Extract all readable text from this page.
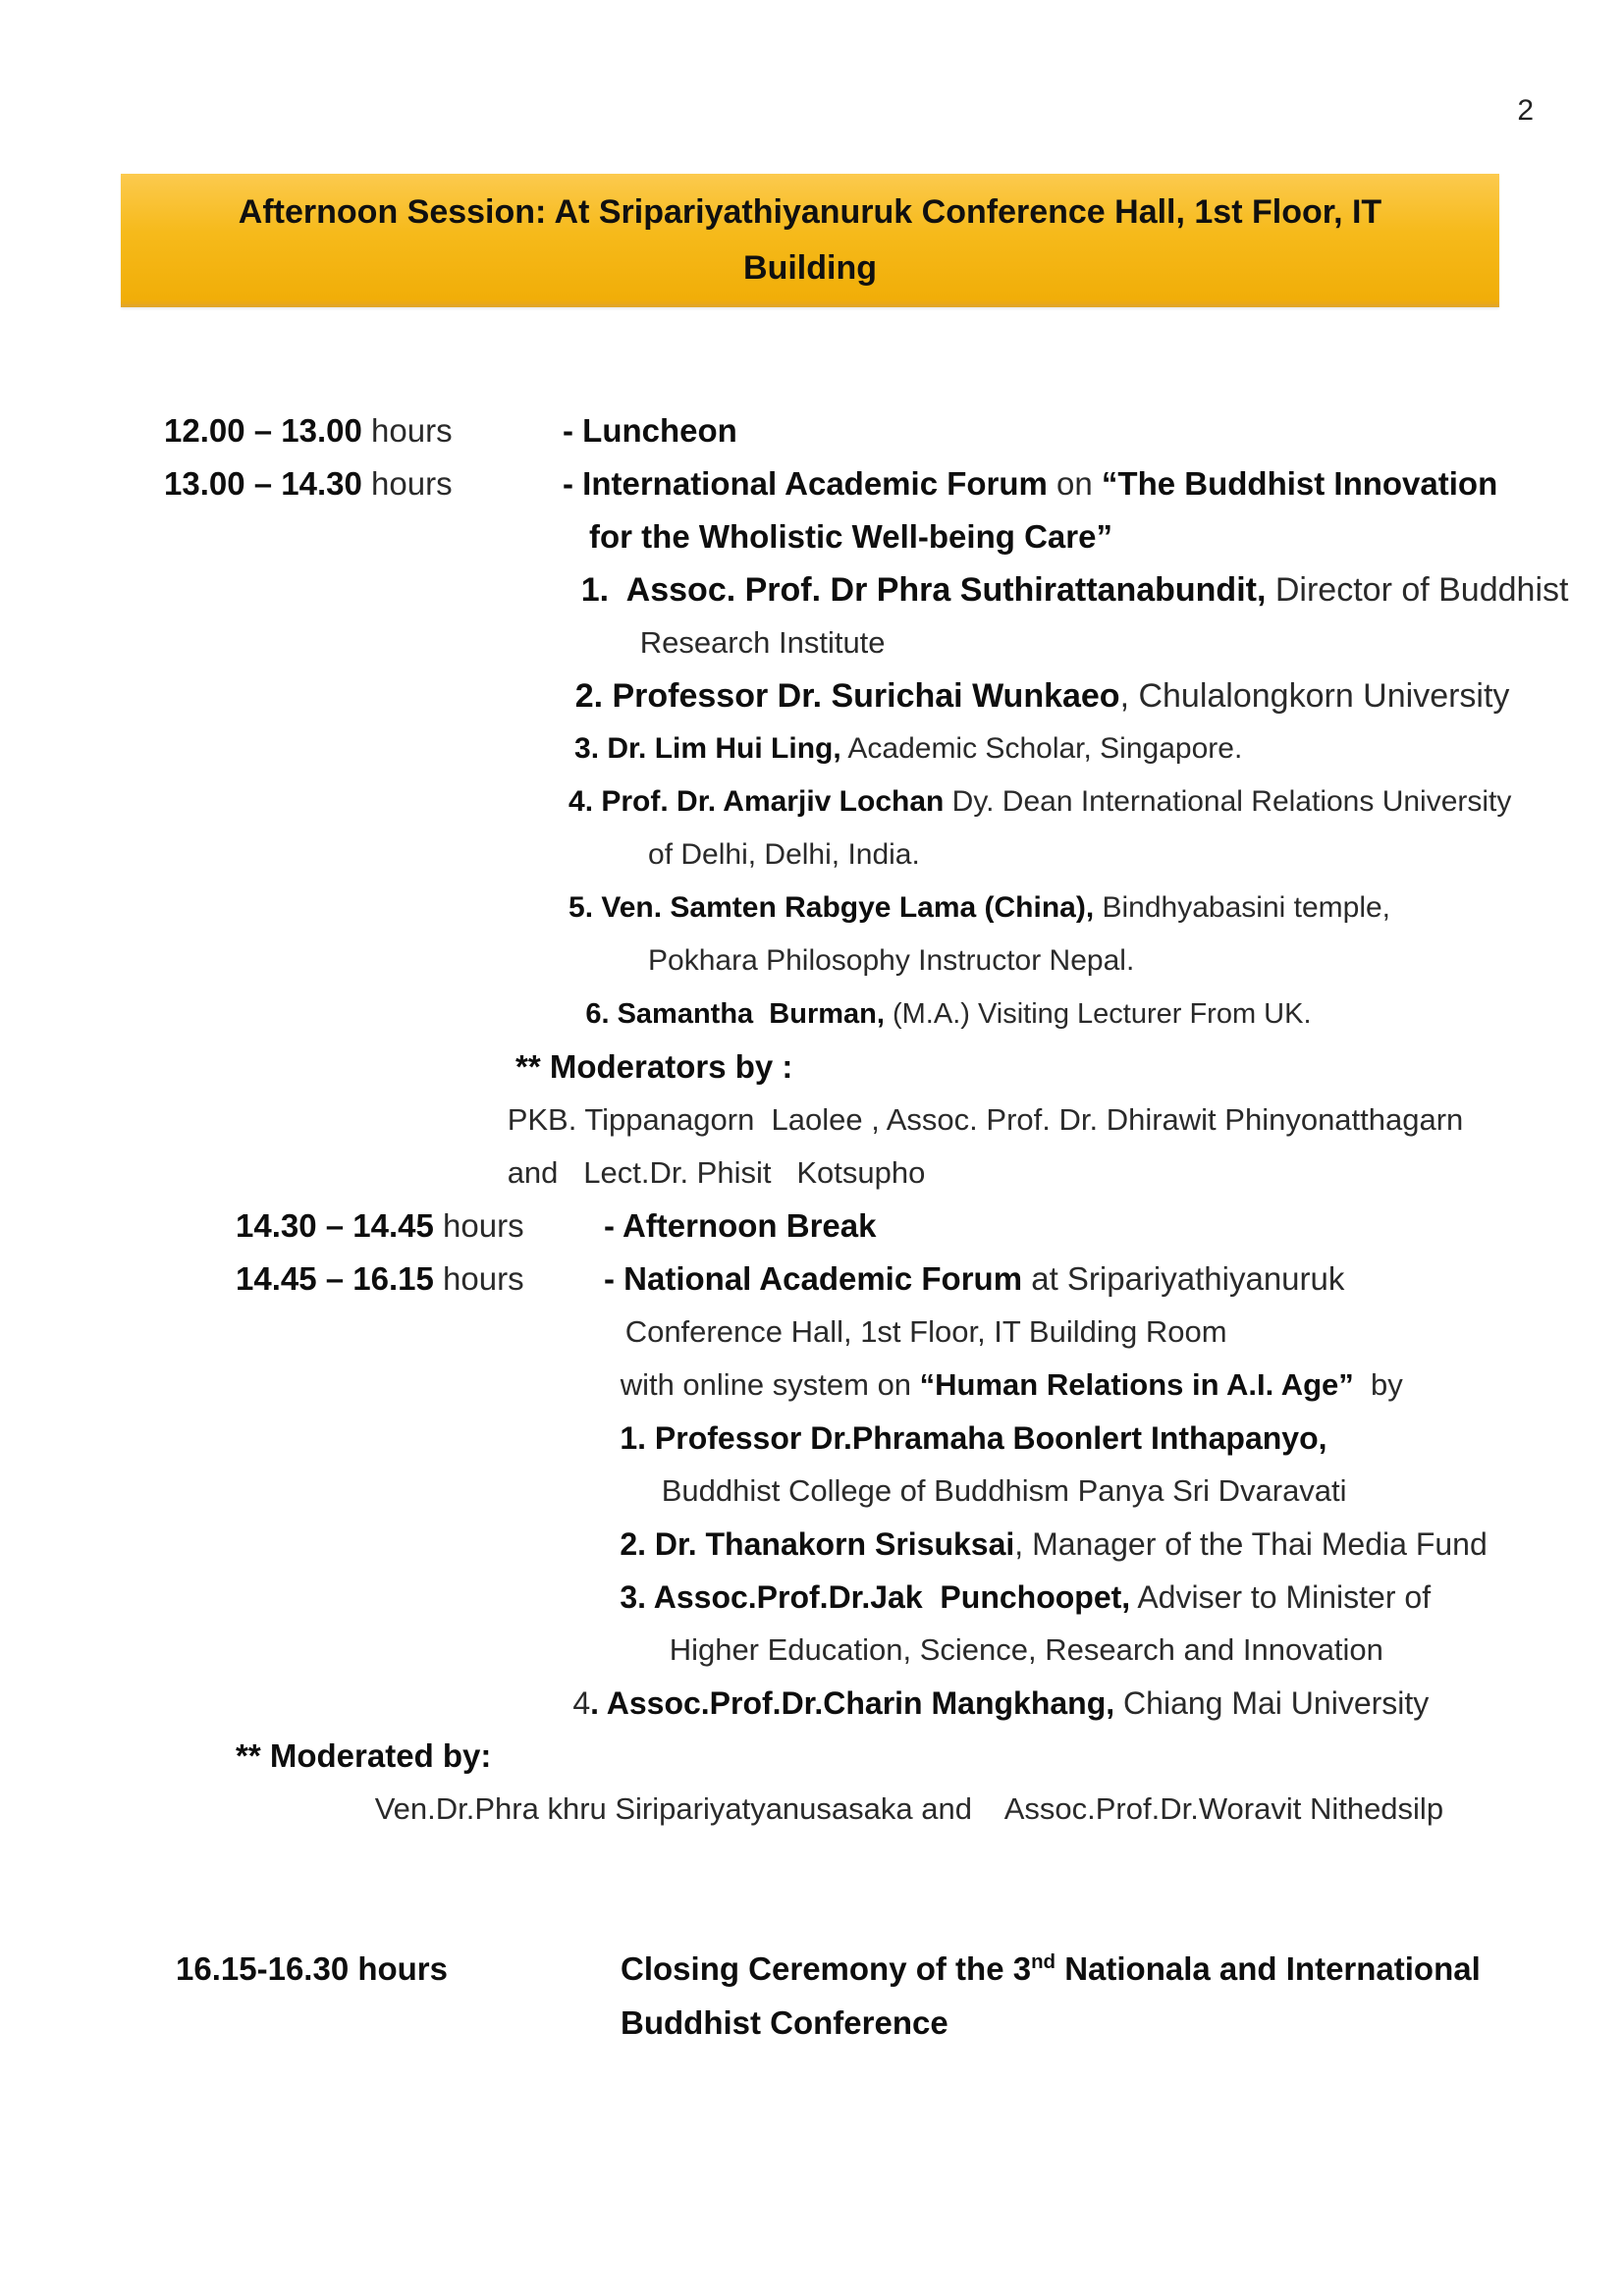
2
Afternoon Session: At Sripariyathiyanuruk Conference Hall, 1st Floor, IT
Building

12.00 – 13.00 hours	- Luncheon

13.00 – 14.30 hours	- International Academic Forum on “The Buddhist Innovation

for the Wholistic Well-being Care”

1.  Assoc. Prof. Dr Phra Suthirattanabundit, Director of Buddhist

Research Institute

2. Professor Dr. Surichai Wunkaeo, Chulalongkorn University

3. Dr. Lim Hui Ling, Academic Scholar, Singapore.

4. Prof. Dr. Amarjiv Lochan Dy. Dean International Relations University

of Delhi, Delhi, India.

5. Ven. Samten Rabgye Lama (China), Bindhyabasini temple,

Pokhara Philosophy Instructor Nepal.

6. Samantha  Burman, (M.A.) Visiting Lecturer From UK.

** Moderators by :

PKB. Tippanagorn  Laolee , Assoc. Prof. Dr. Dhirawit Phinyonatthagarn

and   Lect.Dr. Phisit   Kotsupho

14.30 – 14.45 hours - Afternoon Break

14.45 – 16.15 hours - National Academic Forum at Sripariyathiyanuruk

Conference Hall, 1st Floor, IT Building Room

with online system on “Human Relations in A.I. Age”  by

1. Professor Dr.Phramaha Boonlert Inthapanyo,

Buddhist College of Buddhism Panya Sri Dvaravati

2. Dr. Thanakorn Srisuksai, Manager of the Thai Media Fund

3. Assoc.Prof.Dr.Jak  Punchoopet, Adviser to Minister of

Higher Education, Science, Research and Innovation

4. Assoc.Prof.Dr.Charin Mangkhang, Chiang Mai University

** Moderated by:

Ven.Dr.Phra khru Siripariyatyanusasaka and    Assoc.Prof.Dr.Woravit Nithedsilp

16.15-16.30 hours	Closing Ceremony of the 3nd Nationala and International

Buddhist Conference
